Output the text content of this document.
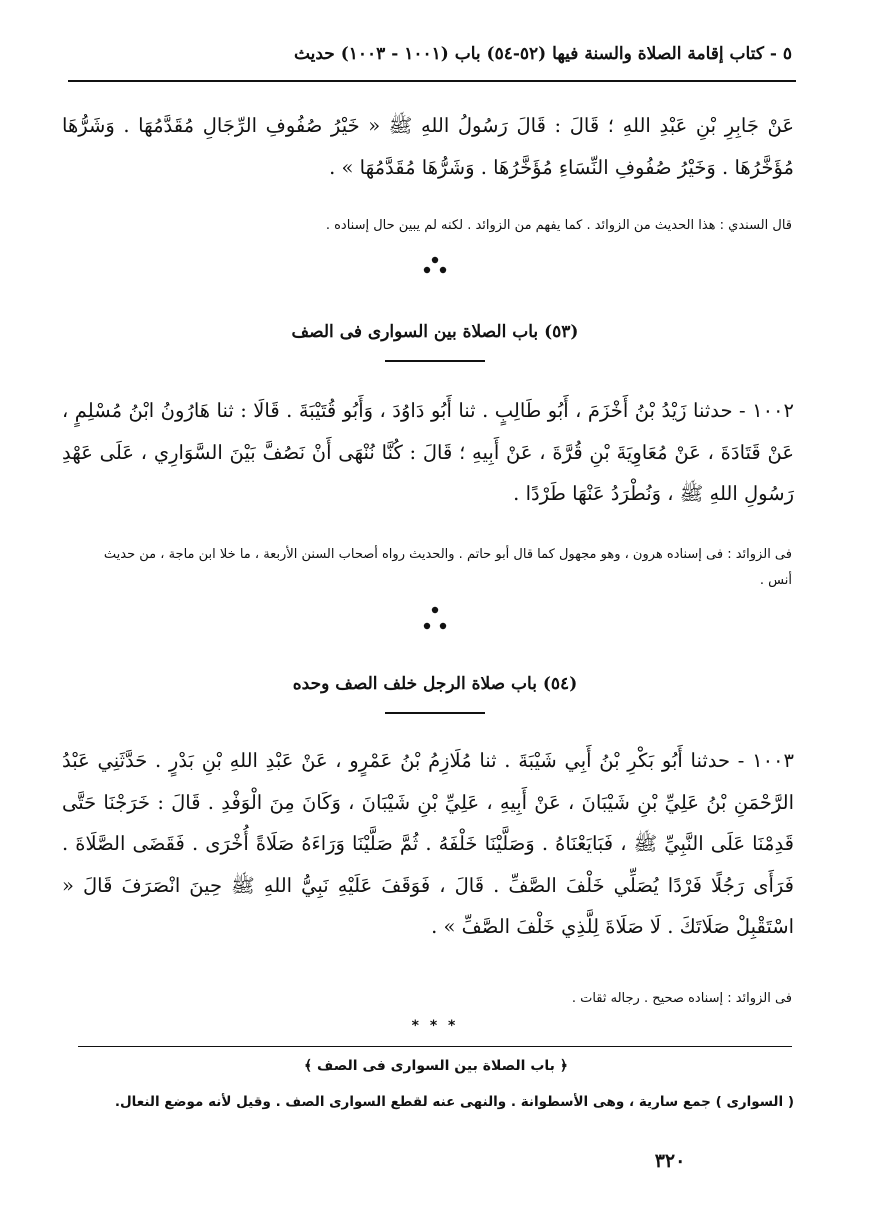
٥ - كتاب إقامة الصلاة والسنة فيها (٥٢-٥٤) باب (١٠٠١ - ١٠٠٣) حديث
عَنْ جَابِرِ بْنِ عَبْدِ اللهِ ؛ قَالَ : قَالَ رَسُولُ اللهِ ﷺ « خَيْرُ صُفُوفِ الرِّجَالِ مُقَدَّمُهَا . وَشَرُّهَا مُؤَخَّرُهَا . وَخَيْرُ صُفُوفِ النِّسَاءِ مُؤَخَّرُهَا . وَشَرُّهَا مُقَدَّمُهَا » .
قال السندي : هذا الحديث من الزوائد . كما يفهم من الزوائد . لكنه لم يبين حال إسناده .
(٥٣) باب الصلاة بين السوارى فى الصف
١٠٠٢ - حدثنا زَيْدُ بْنُ أَخْزَمَ ، أَبُو طَالِبٍ . ثنا أَبُو دَاوُدَ ، وَأَبُو قُتَيْبَةَ . قَالَا : ثنا هَارُونُ ابْنُ مُسْلِمٍ ، عَنْ قَتَادَةَ ، عَنْ مُعَاوِيَةَ بْنِ قُرَّةَ ، عَنْ أَبِيهِ ؛ قَالَ : كُنَّا نُنْهَى أَنْ نَصُفَّ بَيْنَ السَّوَارِي ، عَلَى عَهْدِ رَسُولِ اللهِ ﷺ ، وَنُطْرَدُ عَنْهَا طَرْدًا .
فى الزوائد : فى إسناده هرون ، وهو مجهول كما قال أبو حاتم . والحديث رواه أصحاب السنن الأربعة ، ما خلا ابن ماجة ، من حديث أنس .
(٥٤) باب صلاة الرجل خلف الصف وحده
١٠٠٣ - حدثنا أَبُو بَكْرِ بْنُ أَبِي شَيْبَةَ . ثنا مُلَازِمُ بْنُ عَمْرٍو ، عَنْ عَبْدِ اللهِ بْنِ بَدْرٍ . حَدَّثَنِي عَبْدُ الرَّحْمَنِ بْنُ عَلِيِّ بْنِ شَيْبَانَ ، عَنْ أَبِيهِ ، عَلِيِّ بْنِ شَيْبَانَ ، وَكَانَ مِنَ الْوَفْدِ . قَالَ : خَرَجْنَا حَتَّى قَدِمْنَا عَلَى النَّبِيِّ ﷺ ، فَبَايَعْنَاهُ . وَصَلَّيْنَا خَلْفَهُ . ثُمَّ صَلَّيْنَا وَرَاءَهُ صَلَاةً أُخْرَى . فَقَضَى الصَّلَاةَ . فَرَأَى رَجُلًا فَرْدًا يُصَلِّي خَلْفَ الصَّفِّ . قَالَ ، فَوَقَفَ عَلَيْهِ نَبِيُّ اللهِ ﷺ حِينَ انْصَرَفَ قَالَ « اسْتَقْبِلْ صَلَاتَكَ . لَا صَلَاةَ لِلَّذِي خَلْفَ الصَّفِّ » .
فى الزوائد : إسناده صحيح . رجاله ثقات .
* * *
﴿ باب الصلاة بين السوارى فى الصف ﴾
( السوارى ) جمع سارية ، وهى الأسطوانة . والنهى عنه لقطع السوارى الصف . وقيل لأنه موضع النعال.
٣٢٠
